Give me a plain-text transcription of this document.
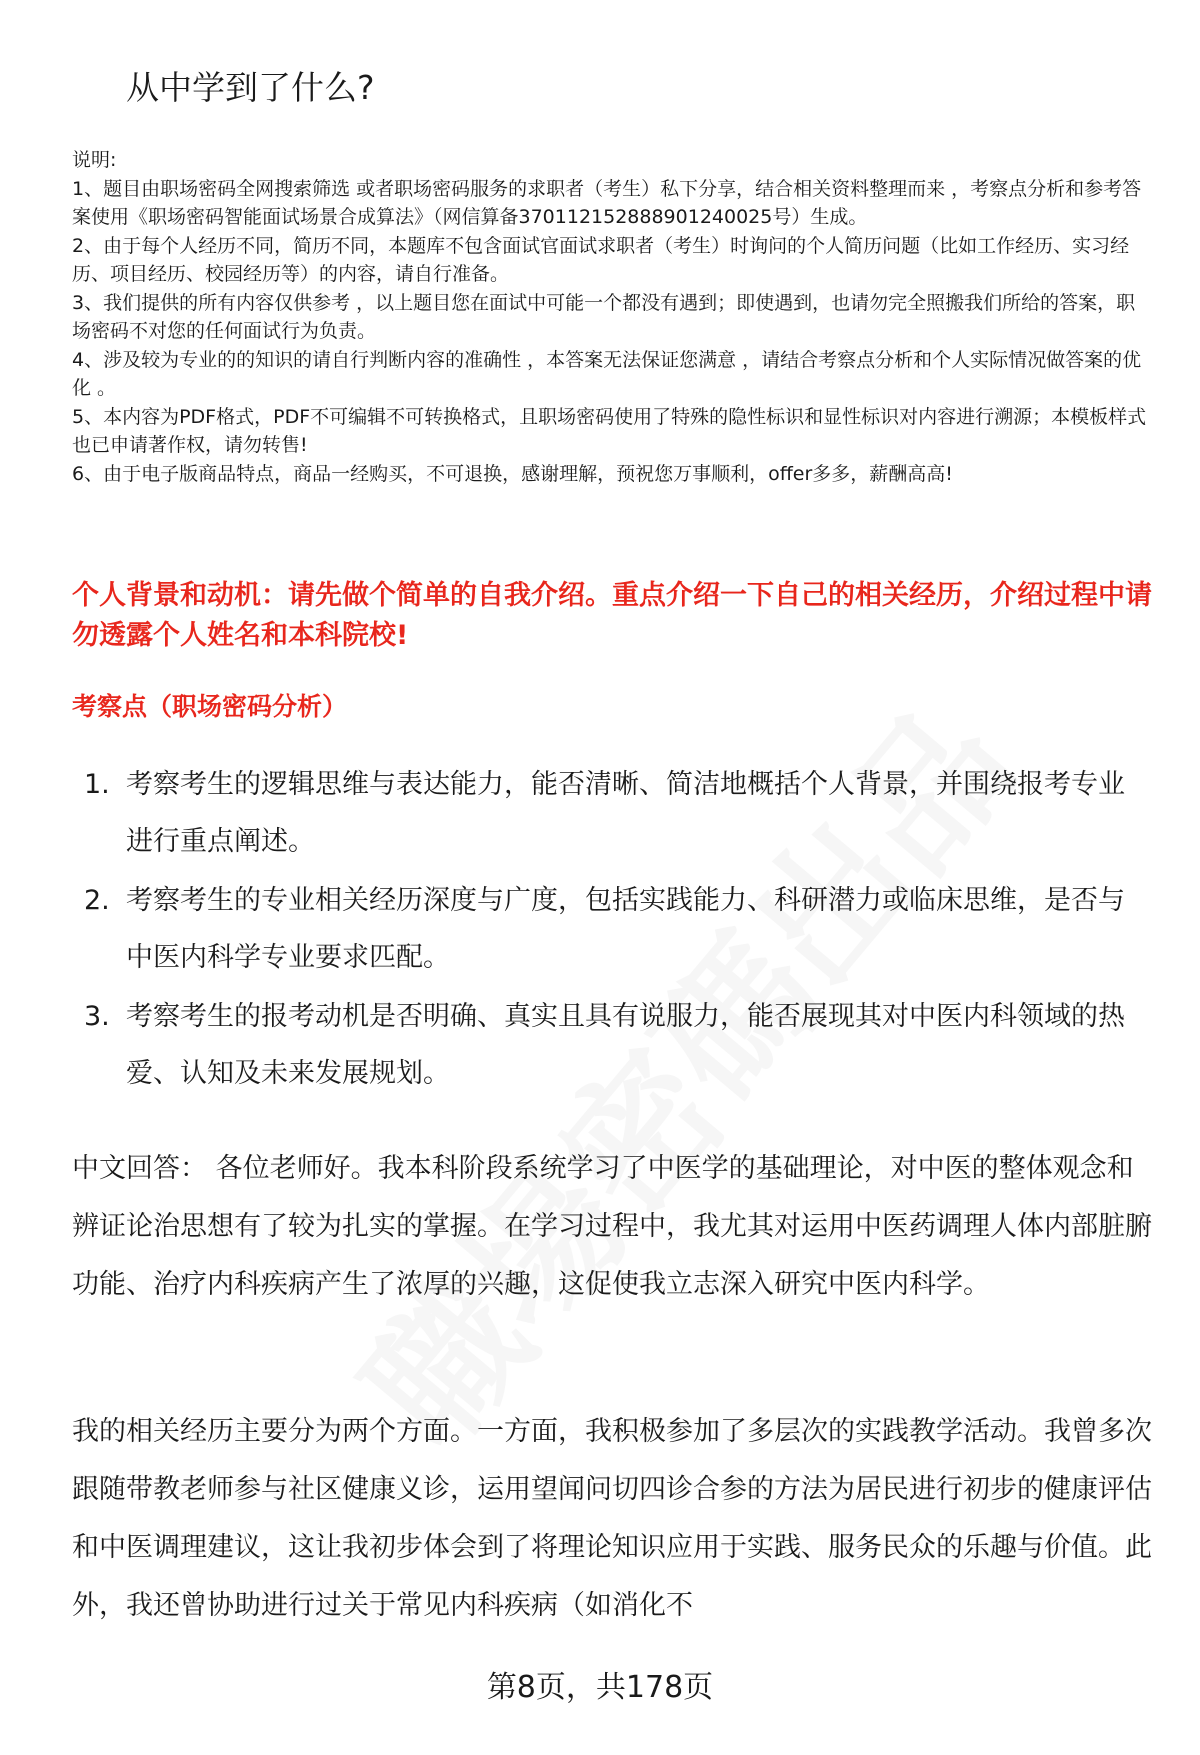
从中学到了什么?

说明:

1、题目由职场密码全网搜索筛选 或者职场密码服务的求职者（考生）私下分享，结合相关资料整理而来 ，考察点分析和参考答案使用《职场密码智能面试场景合成算法》（网信算备370112152888901240025号）生成。

2、由于每个人经历不同，简历不同，本题库不包含面试官面试求职者（考生）时询问的个人简历问题（比如工作经历、实习经历、项目经历、校园经历等）的内容，请自行准备。

3、我们提供的所有内容仅供参考 ，以上题目您在面试中可能一个都没有遇到；即使遇到，也请勿完全照搬我们所给的答案，职场密码不对您的任何面试行为负责。

4、涉及较为专业的的知识的请自行判断内容的准确性 ，本答案无法保证您满意 ，请结合考察点分析和个人实际情况做答案的优化 。

5、本内容为PDF格式，PDF不可编辑不可转换格式，且职场密码使用了特殊的隐性标识和显性标识对内容进行溯源；本模板样式也已申请著作权，请勿转售!

6、由于电子版商品特点，商品一经购买，不可退换，感谢理解，预祝您万事顺利，offer多多，薪酬高高!

个人背景和动机：请先做个简单的自我介绍。重点介绍一下自己的相关经历，介绍过程中请勿透露个人姓名和本科院校!
考察点（职场密码分析）
1. 考察考生的逻辑思维与表达能力，能否清晰、简洁地概括个人背景，并围绕报考专业进行重点阐述。
2. 考察考生的专业相关经历深度与广度，包括实践能力、科研潜力或临床思维，是否与中医内科学专业要求匹配。
3. 考察考生的报考动机是否明确、真实且具有说服力，能否展现其对中医内科领域的热爱、认知及未来发展规划。

中文回答： 各位老师好。我本科阶段系统学习了中医学的基础理论，对中医的整体观念和辨证论治思想有了较为扎实的掌握。在学习过程中，我尤其对运用中医药调理人体内部脏腑功能、治疗内科疾病产生了浓厚的兴趣，这促使我立志深入研究中医内科学。

我的相关经历主要分为两个方面。一方面，我积极参加了多层次的实践教学活动。我曾多次跟随带教老师参与社区健康义诊，运用望闻问切四诊合参的方法为居民进行初步的健康评估和中医调理建议，这让我初步体会到了将理论知识应用于实践、服务民众的乐趣与价值。此外，我还曾协助进行过关于常见内科疾病（如消化不

第8页，共178页
